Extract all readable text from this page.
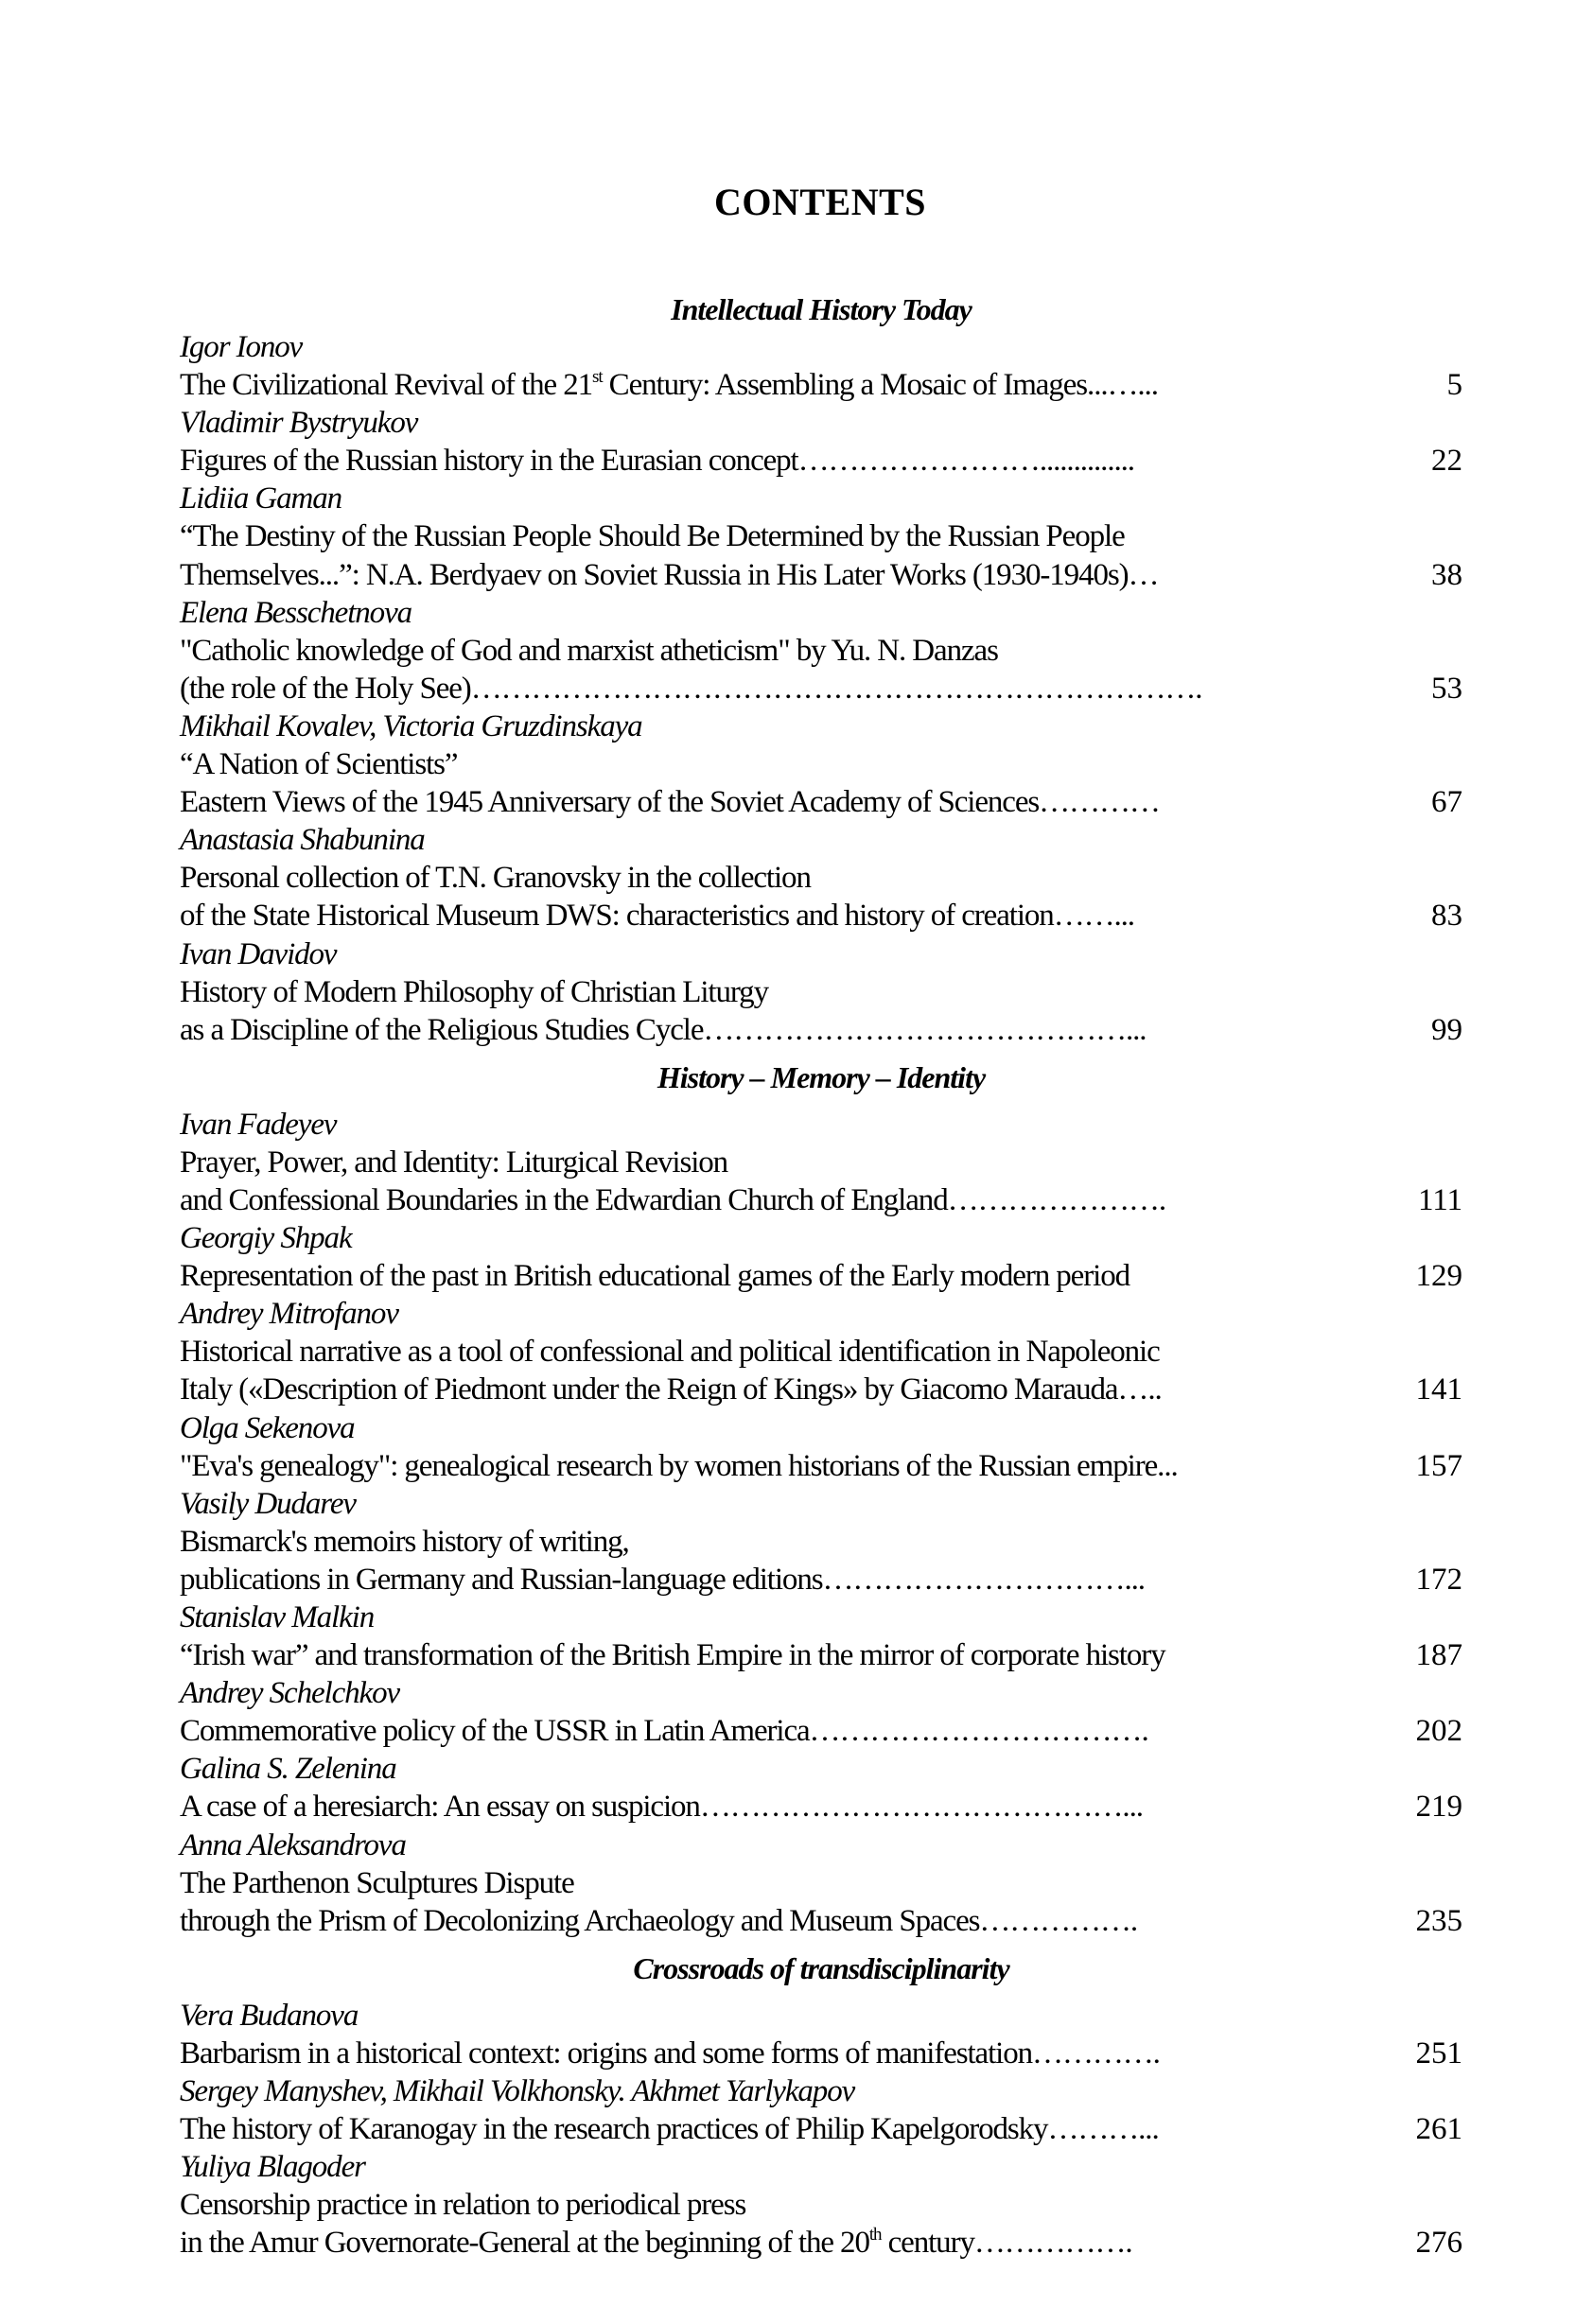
CONTENTS
Intellectual History Today
Igor Ionov
The Civilizational Revival of the 21st Century: Assembling a Mosaic of Images...…...	5
Vladimir Bystryukov
Figures of the Russian history in the Eurasian concept……………………..............	22
Lidiia Gaman
“The Destiny of the Russian People Should Be Determined by the Russian People
Themselves...”: N.A. Berdyaev on Soviet Russia in His Later Works (1930-1940s)…	38
Elena Besschetnova
"Catholic knowledge of God and marxist atheticism" by Yu. N. Danzas
(the role of the Holy See)……………………………………………………………….	53
Mikhail Kovalev, Victoria Gruzdinskaya
“A Nation of Scientists”
Eastern Views of the 1945 Anniversary of the Soviet Academy of Sciences…………	67
Anastasia Shabunina
Personal collection of T.N. Granovsky in the collection
of the State Historical Museum DWS: characteristics and history of creation……...	83
Ivan Davidov
History of Modern Philosophy of Christian Liturgy
as a Discipline of the Religious Studies Cycle……………………………………...	99
History – Memory – Identity
Ivan Fadeyev
Prayer, Power, and Identity: Liturgical Revision
and Confessional Boundaries in the Edwardian Church of England………………….	111
Georgiy Shpak
Representation of the past in British educational games of the Early modern period	129
Andrey Mitrofanov
Historical narrative as a tool of confessional and political identification in Napoleonic
Italy («Description of Piedmont under the Reign of Kings» by Giacomo Marauda…..	141
Olga Sekenova
"Eva's genealogy": genealogical research by women historians of the Russian empire...	157
Vasily Dudarev
Bismarck's memoirs history of writing,
publications in Germany and Russian-language editions…………………………...	172
Stanislav Malkin
“Irish war” and transformation of the British Empire in the mirror of corporate history	187
Andrey Schelchkov
Commemorative policy of the USSR in Latin America…………………………….	202
Galina S. Zelenina
A case of a heresiarch: An essay on suspicion……………………………………...	219
Anna Aleksandrova
The Parthenon Sculptures Dispute
through the Prism of Decolonizing Archaeology and Museum Spaces…………….	235
Crossroads of transdisciplinarity
Vera Budanova
Barbarism in a historical context: origins and some forms of manifestation………….	251
Sergey Manyshev, Mikhail Volkhonsky. Akhmet Yarlykapov
The history of Karanogay in the research practices of Philip Kapelgorodsky………...	261
Yuliya Blagoder
Censorship practice in relation to periodical press
in the Amur Governorate-General at the beginning of the 20th century…………….	276
